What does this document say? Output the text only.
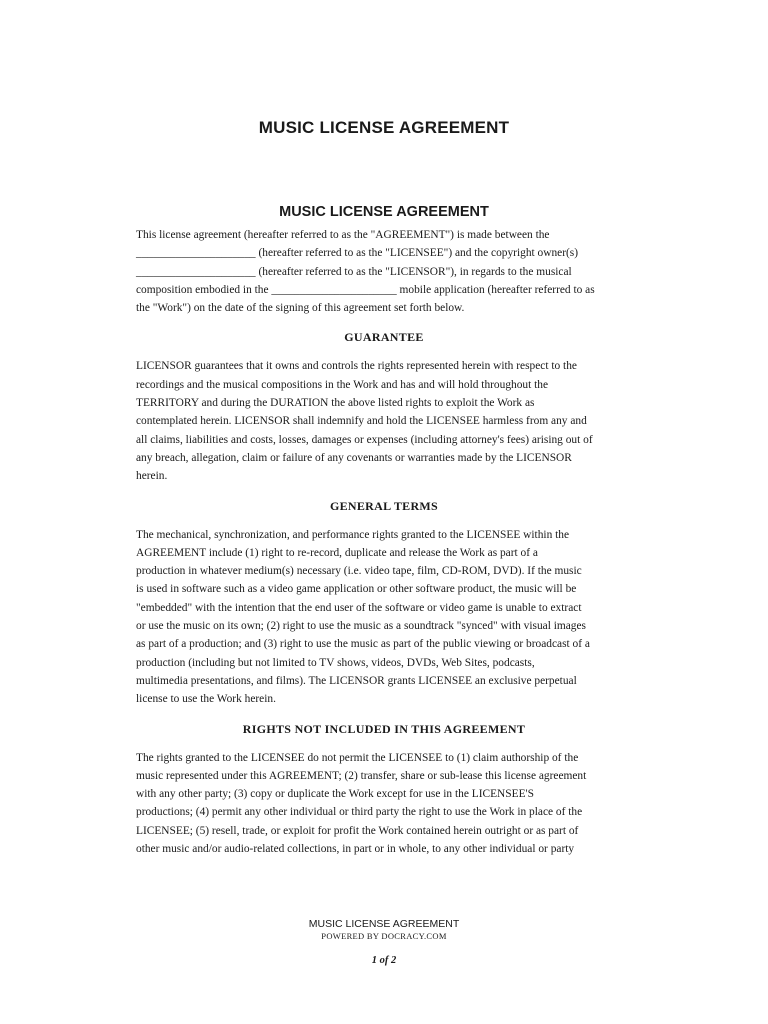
MUSIC LICENSE AGREEMENT
MUSIC LICENSE AGREEMENT

This license agreement (hereafter referred to as the "AGREEMENT") is made between the
_____________________ (hereafter referred to as the "LICENSEE") and the copyright owner(s)
_____________________ (hereafter referred to as the "LICENSOR"), in regards to the musical
composition embodied in the ______________________ mobile application (hereafter referred to as
the "Work") on the date of the signing of this agreement set forth below.

GUARANTEE

LICENSOR guarantees that it owns and controls the rights represented herein with respect to the
recordings and the musical compositions in the Work and has and will hold throughout the
TERRITORY and during the DURATION the above listed rights to exploit the Work as
contemplated herein. LICENSOR shall indemnify and hold the LICENSEE harmless from any and
all claims, liabilities and costs, losses, damages or expenses (including attorney's fees) arising out of
any breach, allegation, claim or failure of any covenants or warranties made by the LICENSOR
herein.

GENERAL TERMS

The mechanical, synchronization, and performance rights granted to the LICENSEE within the
AGREEMENT include (1) right to re-record, duplicate and release the Work as part of a
production in whatever medium(s) necessary (i.e. video tape, film, CD-ROM, DVD). If the music
is used in software such as a video game application or other software product, the music will be
"embedded" with the intention that the end user of the software or video game is unable to extract
or use the music on its own; (2) right to use the music as a soundtrack "synced" with visual images
as part of a production; and (3) right to use the music as part of the public viewing or broadcast of a
production (including but not limited to TV shows, videos, DVDs, Web Sites, podcasts,
multimedia presentations, and films). The LICENSOR grants LICENSEE an exclusive perpetual
license to use the Work herein.

RIGHTS NOT INCLUDED IN THIS AGREEMENT

The rights granted to the LICENSEE do not permit the LICENSEE to (1) claim authorship of the
music represented under this AGREEMENT; (2) transfer, share or sub-lease this license agreement
with any other party; (3) copy or duplicate the Work except for use in the LICENSEE'S
productions; (4) permit any other individual or third party the right to use the Work in place of the
LICENSEE; (5) resell, trade, or exploit for profit the Work contained herein outright or as part of
other music and/or audio-related collections, in part or in whole, to any other individual or party

MUSIC LICENSE AGREEMENT
POWERED BY DOCRACY.COM
1 of 2
